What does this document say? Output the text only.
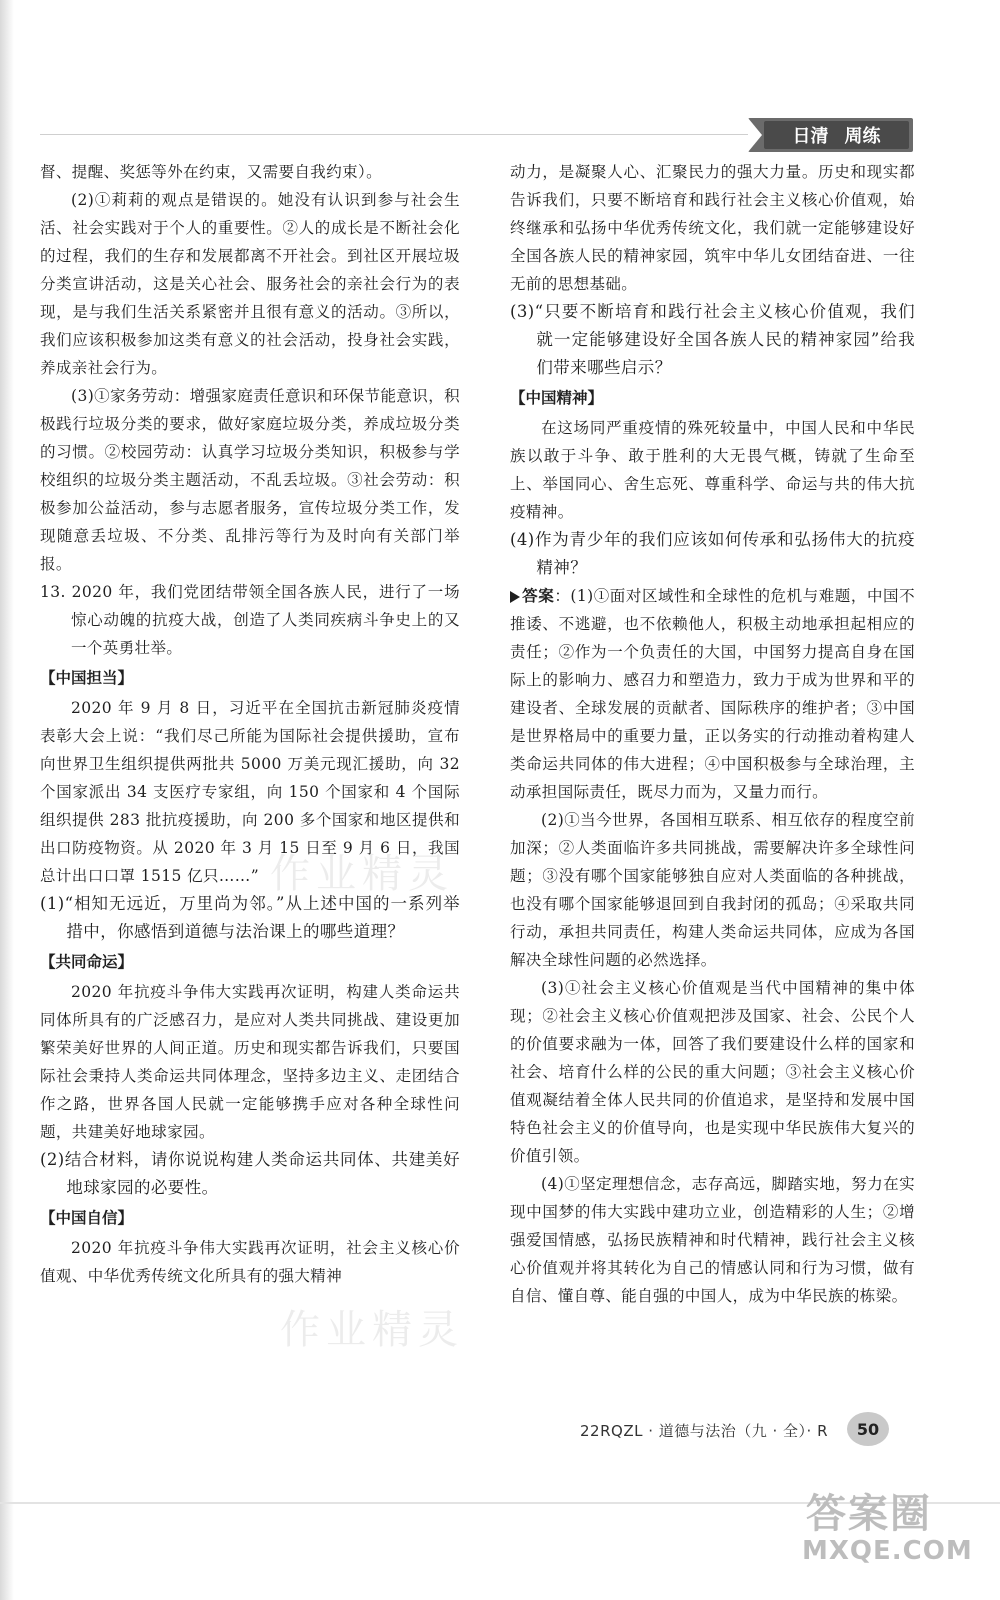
日清 周练

督、提醒、奖惩等外在约束，又需要自我约束）。

(2)①莉莉的观点是错误的。她没有认识到参与社会生活、社会实践对于个人的重要性。②人的成长是不断社会化的过程，我们的生存和发展都离不开社会。到社区开展垃圾分类宣讲活动，这是关心社会、服务社会的亲社会行为的表现，是与我们生活关系紧密并且很有意义的活动。③所以，我们应该积极参加这类有意义的社会活动，投身社会实践，养成亲社会行为。

(3)①家务劳动：增强家庭责任意识和环保节能意识，积极践行垃圾分类的要求，做好家庭垃圾分类，养成垃圾分类的习惯。②校园劳动：认真学习垃圾分类知识，积极参与学校组织的垃圾分类主题活动，不乱丢垃圾。③社会劳动：积极参加公益活动，参与志愿者服务，宣传垃圾分类工作，发现随意丢垃圾、不分类、乱排污等行为及时向有关部门举报。

13. 2020 年，我们党团结带领全国各族人民，进行了一场惊心动魄的抗疫大战，创造了人类同疾病斗争史上的又一个英勇壮举。

【中国担当】

2020 年 9 月 8 日，习近平在全国抗击新冠肺炎疫情表彰大会上说：“我们尽己所能为国际社会提供援助，宣布向世界卫生组织提供两批共 5000 万美元现汇援助，向 32 个国家派出 34 支医疗专家组，向 150 个国家和 4 个国际组织提供 283 批抗疫援助，向 200 多个国家和地区提供和出口防疫物资。从 2020 年 3 月 15 日至 9 月 6 日，我国总计出口口罩 1515 亿只……”

(1)“相知无远近，万里尚为邻。”从上述中国的一系列举措中，你感悟到道德与法治课上的哪些道理？

【共同命运】

2020 年抗疫斗争伟大实践再次证明，构建人类命运共同体所具有的广泛感召力，是应对人类共同挑战、建设更加繁荣美好世界的人间正道。历史和现实都告诉我们，只要国际社会秉持人类命运共同体理念，坚持多边主义、走团结合作之路，世界各国人民就一定能够携手应对各种全球性问题，共建美好地球家园。

(2)结合材料，请你说说构建人类命运共同体、共建美好地球家园的必要性。

【中国自信】

2020 年抗疫斗争伟大实践再次证明，社会主义核心价值观、中华优秀传统文化所具有的强大精神

动力，是凝聚人心、汇聚民力的强大力量。历史和现实都告诉我们，只要不断培育和践行社会主义核心价值观，始终继承和弘扬中华优秀传统文化，我们就一定能够建设好全国各族人民的精神家园，筑牢中华儿女团结奋进、一往无前的思想基础。

(3)“只要不断培育和践行社会主义核心价值观，我们就一定能够建设好全国各族人民的精神家园”给我们带来哪些启示？

【中国精神】

在这场同严重疫情的殊死较量中，中国人民和中华民族以敢于斗争、敢于胜利的大无畏气概，铸就了生命至上、举国同心、舍生忘死、尊重科学、命运与共的伟大抗疫精神。

(4)作为青少年的我们应该如何传承和弘扬伟大的抗疫精神？

答案：(1)①面对区域性和全球性的危机与难题，中国不推诿、不逃避，也不依赖他人，积极主动地承担起相应的责任；②作为一个负责任的大国，中国努力提高自身在国际上的影响力、感召力和塑造力，致力于成为世界和平的建设者、全球发展的贡献者、国际秩序的维护者；③中国是世界格局中的重要力量，正以务实的行动推动着构建人类命运共同体的伟大进程；④中国积极参与全球治理，主动承担国际责任，既尽力而为，又量力而行。

(2)①当今世界，各国相互联系、相互依存的程度空前加深；②人类面临许多共同挑战，需要解决许多全球性问题；③没有哪个国家能够独自应对人类面临的各种挑战，也没有哪个国家能够退回到自我封闭的孤岛；④采取共同行动，承担共同责任，构建人类命运共同体，应成为各国解决全球性问题的必然选择。

(3)①社会主义核心价值观是当代中国精神的集中体现；②社会主义核心价值观把涉及国家、社会、公民个人的价值要求融为一体，回答了我们要建设什么样的国家和社会、培育什么样的公民的重大问题；③社会主义核心价值观凝结着全体人民共同的价值追求，是坚持和发展中国特色社会主义的价值导向，也是实现中华民族伟大复兴的价值引领。

(4)①坚定理想信念，志存高远，脚踏实地，努力在实现中国梦的伟大实践中建功立业，创造精彩的人生；②增强爱国情感，弘扬民族精神和时代精神，践行社会主义核心价值观并将其转化为自己的情感认同和行为习惯，做有自信、懂自尊、能自强的中国人，成为中华民族的栋梁。

作业精灵
作业精灵
22RQZL · 道德与法治（九 · 全）· R	50
答案圈
MXQE.COM
